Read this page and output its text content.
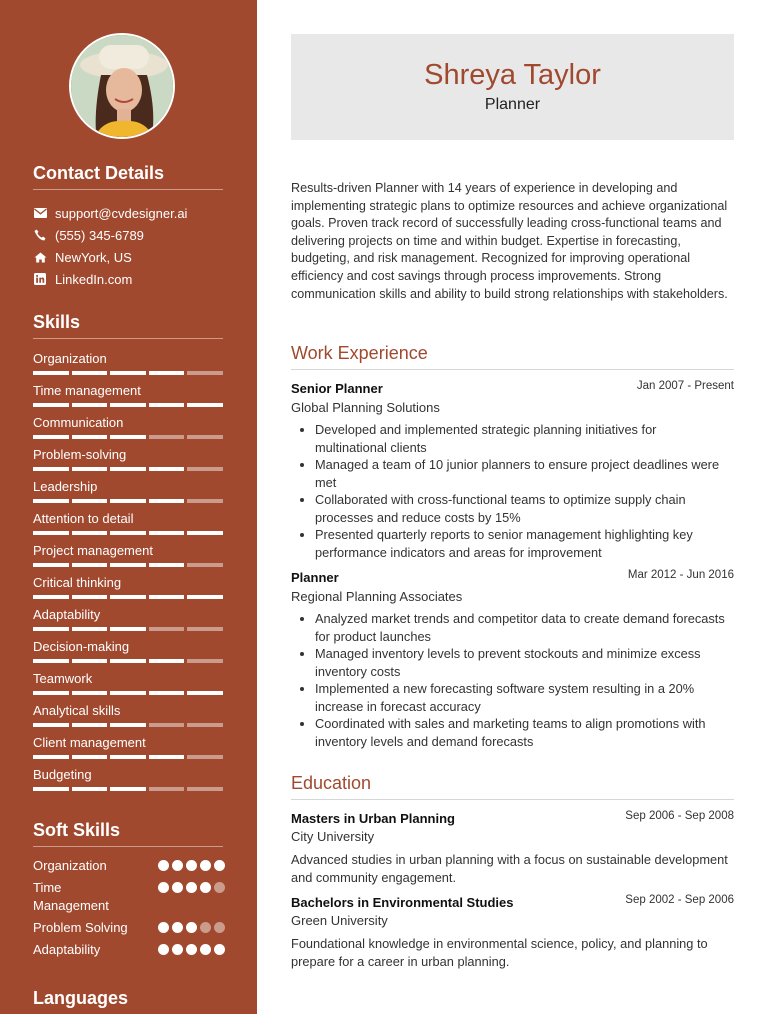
Contact Details
support@cvdesigner.ai
(555) 345-6789
NewYork, US
LinkedIn.com
Skills
Organization
Time management
Communication
Problem-solving
Leadership
Attention to detail
Project management
Critical thinking
Adaptability
Decision-making
Teamwork
Analytical skills
Client management
Budgeting
Soft Skills
Organization
Time Management
Problem Solving
Adaptability
Languages
Shreya Taylor
Planner

Results-driven Planner with 14 years of experience in developing and implementing strategic plans to optimize resources and achieve organizational goals. Proven track record of successfully leading cross-functional teams and delivering projects on time and within budget. Expertise in forecasting, budgeting, and risk management. Recognized for improving operational efficiency and cost savings through process improvements. Strong communication skills and ability to build strong relationships with stakeholders.

Work Experience
Senior Planner	Jan 2007 - Present
Global Planning Solutions
Developed and implemented strategic planning initiatives for multinational clients
Managed a team of 10 junior planners to ensure project deadlines were met
Collaborated with cross-functional teams to optimize supply chain processes and reduce costs by 15%
Presented quarterly reports to senior management highlighting key performance indicators and areas for improvement
Planner	Mar 2012 - Jun 2016
Regional Planning Associates
Analyzed market trends and competitor data to create demand forecasts for product launches
Managed inventory levels to prevent stockouts and minimize excess inventory costs
Implemented a new forecasting software system resulting in a 20% increase in forecast accuracy
Coordinated with sales and marketing teams to align promotions with inventory levels and demand forecasts
Education
Masters in Urban Planning	Sep 2006 - Sep 2008
City University

Advanced studies in urban planning with a focus on sustainable development and community engagement.

Bachelors in Environmental Studies	Sep 2002 - Sep 2006
Green University

Foundational knowledge in environmental science, policy, and planning to prepare for a career in urban planning.
